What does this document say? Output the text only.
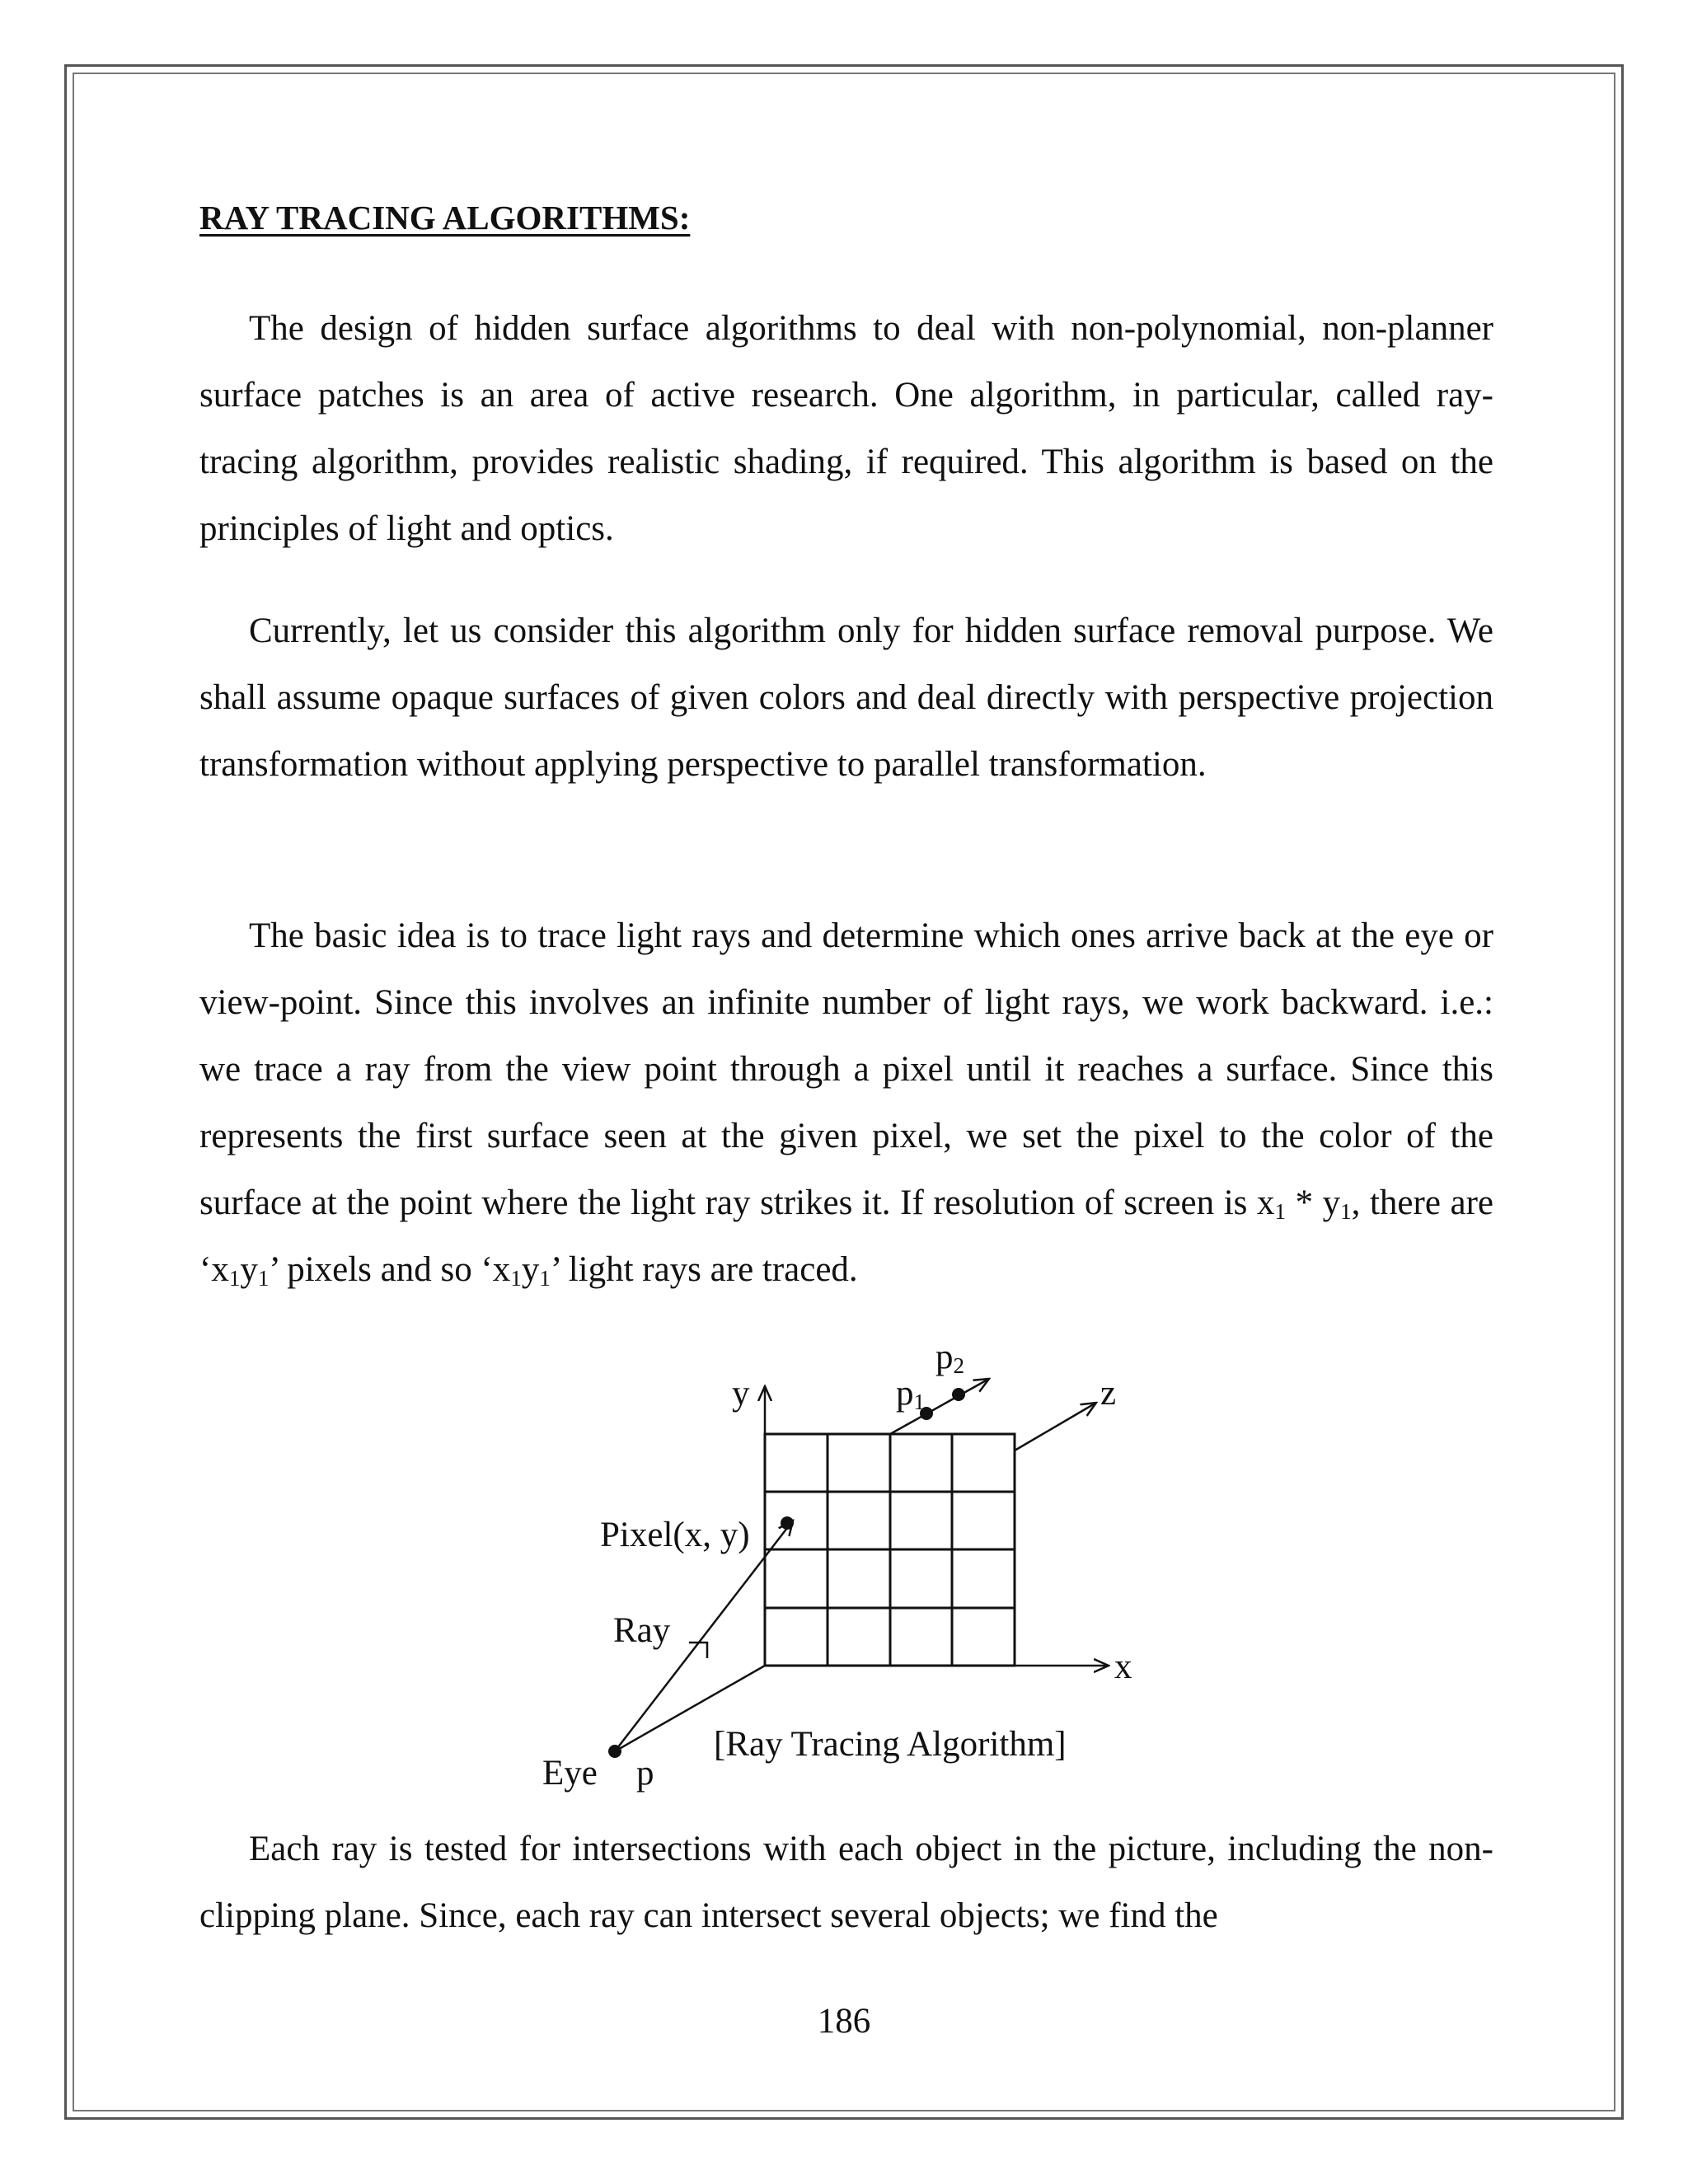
RAY TRACING ALGORITHMS:

The design of hidden surface algorithms to deal with non-polynomial, non-planner surface patches is an area of active research. One algorithm, in particular, called ray-tracing algorithm, provides realistic shading, if required. This algorithm is based on the principles of light and optics.

Currently, let us consider this algorithm only for hidden surface removal purpose. We shall assume opaque surfaces of given colors and deal directly with perspective projection transformation without applying perspective to parallel transformation.

The basic idea is to trace light rays and determine which ones arrive back at the eye or view-point. Since this involves an infinite number of light rays, we work backward. i.e.: we trace a ray from the view point through a pixel until it reaches a surface. Since this represents the first surface seen at the given pixel, we set the pixel to the color of the surface at the point where the light ray strikes it. If resolution of screen is $x_1 * y_1$, there are ‘$x_1y_1$’ pixels and so ‘$x_1y_1$’ light rays are traced.

y	z
x
p1
p2
Pixel(x, y)
Ray
Eye p
[Ray Tracing Algorithm]

Each ray is tested for intersections with each object in the picture, including the non-clipping plane. Since, each ray can intersect several objects; we find the

186
